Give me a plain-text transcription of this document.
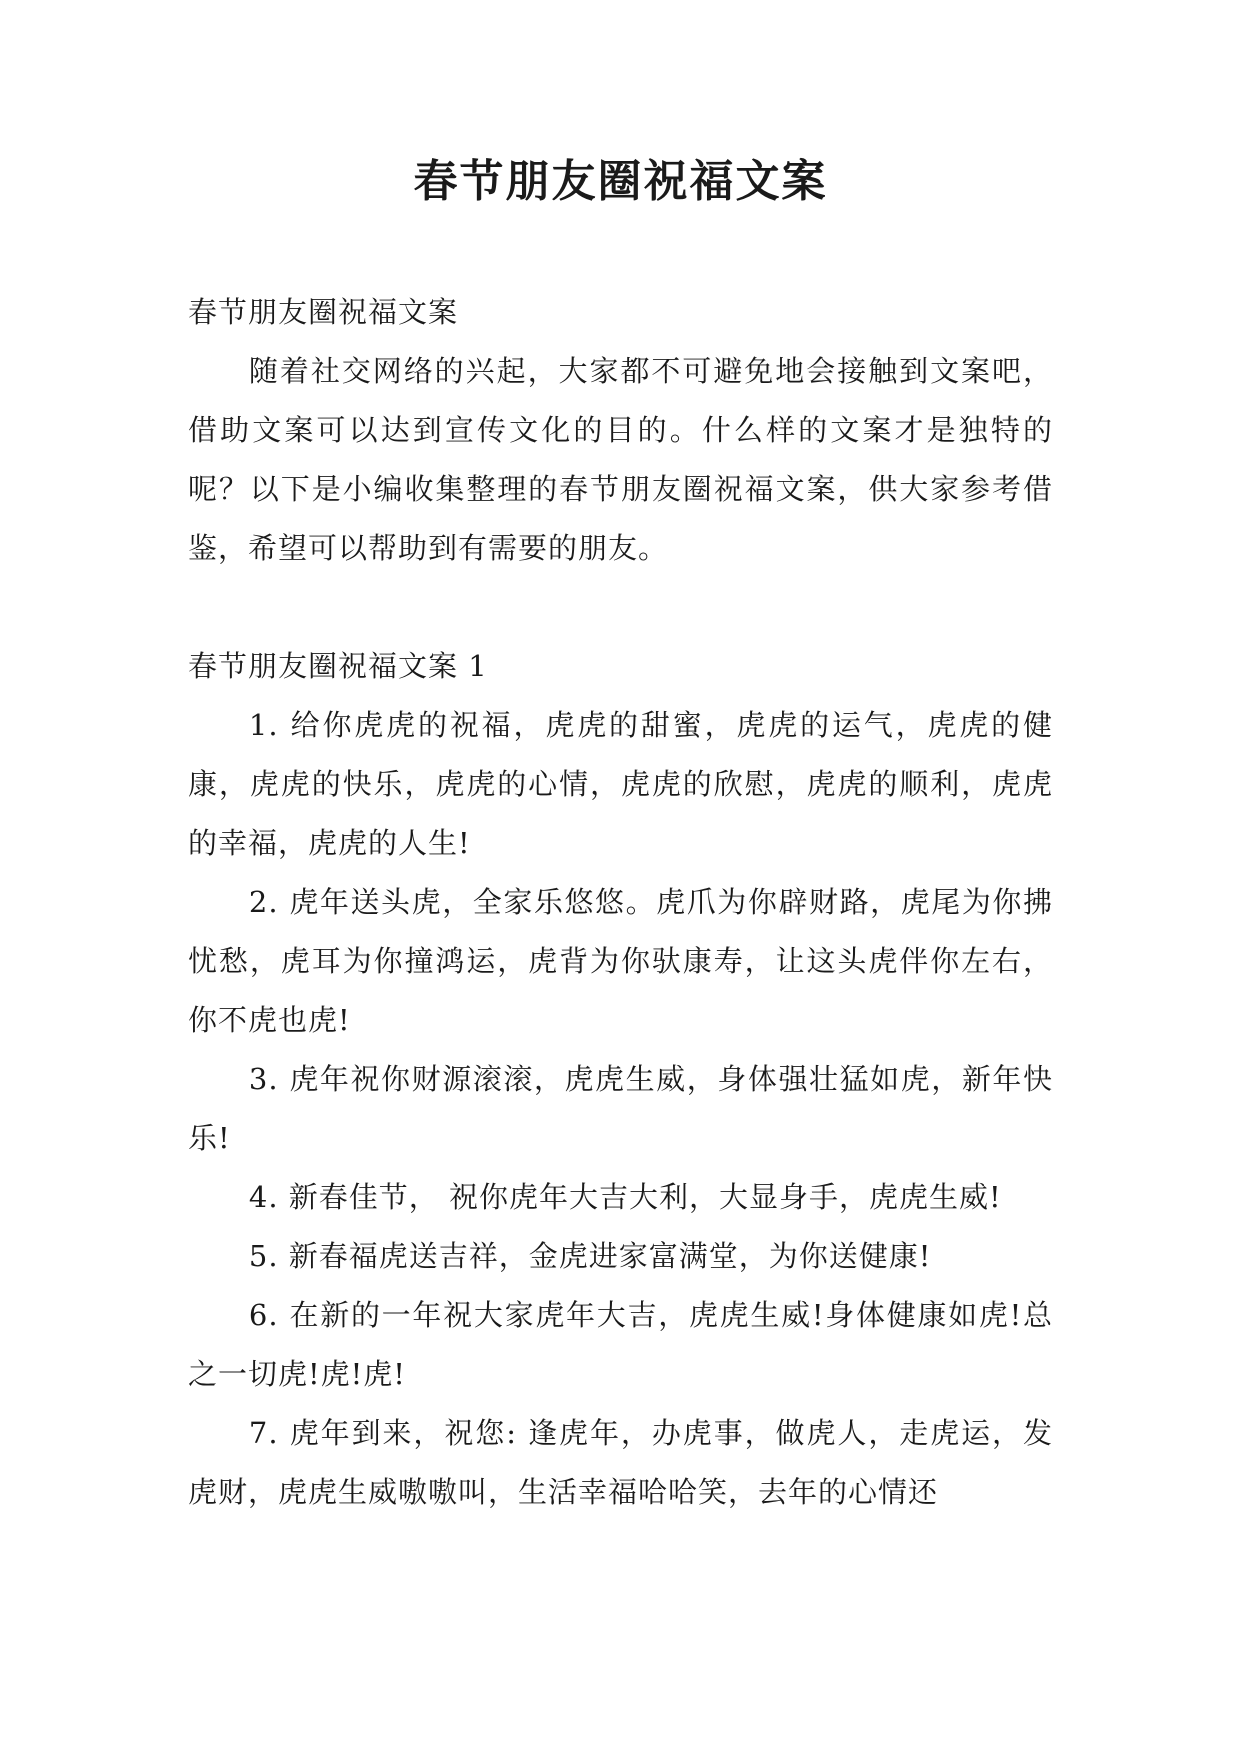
春节朋友圈祝福文案

春节朋友圈祝福文案

随着社交网络的兴起，大家都不可避免地会接触到文案吧，借助文案可以达到宣传文化的目的。什么样的文案才是独特的呢？以下是小编收集整理的春节朋友圈祝福文案，供大家参考借鉴，希望可以帮助到有需要的朋友。

春节朋友圈祝福文案 1

1. 给你虎虎的祝福，虎虎的甜蜜，虎虎的运气，虎虎的健康，虎虎的快乐，虎虎的心情，虎虎的欣慰，虎虎的顺利，虎虎的幸福，虎虎的人生!

2. 虎年送头虎，全家乐悠悠。虎爪为你辟财路，虎尾为你拂忧愁，虎耳为你撞鸿运，虎背为你驮康寿，让这头虎伴你左右，你不虎也虎!

3. 虎年祝你财源滚滚，虎虎生威，身体强壮猛如虎，新年快乐!

4. 新春佳节， 祝你虎年大吉大利，大显身手，虎虎生威!

5. 新春福虎送吉祥，金虎进家富满堂，为你送健康!

6. 在新的一年祝大家虎年大吉，虎虎生威!身体健康如虎!总之一切虎!虎!虎!

7. 虎年到来，祝您: 逢虎年，办虎事，做虎人，走虎运，发虎财，虎虎生威嗷嗷叫，生活幸福哈哈笑，去年的心情还
